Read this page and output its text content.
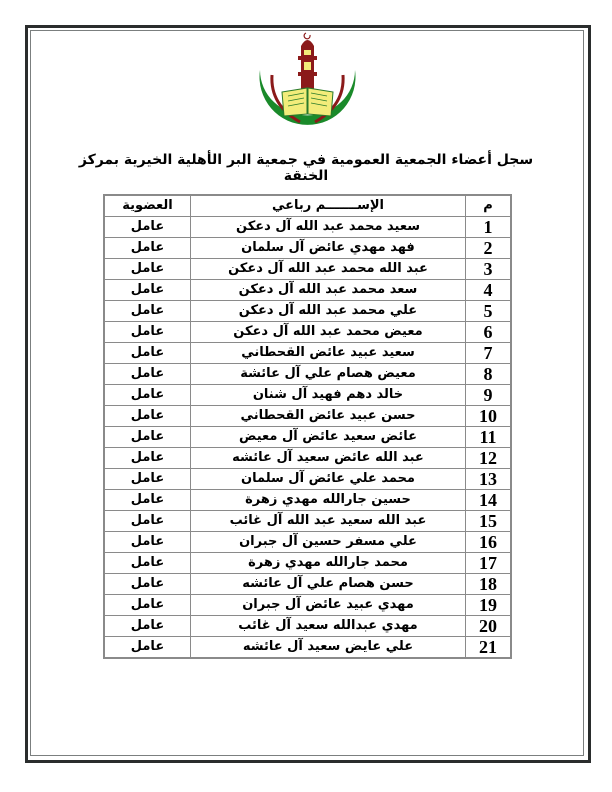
سجل أعضاء الجمعية العمومية في جمعية البر الأهلية الخيرية بمركز الخنقة
م	الإســـــــم رباعي	العضوية
1	سعيد محمد عبد الله آل دعكن	عامل
2	فهد مهدي عائض آل سلمان	عامل
3	عبد الله محمد عبد الله آل دعكن	عامل
4	سعد محمد عبد الله آل دعكن	عامل
5	علي محمد عبد الله آل دعكن	عامل
6	معيض محمد عبد الله آل دعكن	عامل
7	سعيد عبيد عائض القحطاني	عامل
8	معيض هصام علي آل عائشة	عامل
9	خالد دهم فهيد آل شنان	عامل
10	حسن عبيد عائض القحطاني	عامل
11	عائض سعيد عائض آل معيض	عامل
12	عبد الله عائض سعيد آل عائشه	عامل
13	محمد علي عائض آل سلمان	عامل
14	حسين جارالله مهدي زهرة	عامل
15	عبد الله سعيد عبد الله آل غائب	عامل
16	علي مسفر حسين آل جبران	عامل
17	محمد جارالله مهدي زهرة	عامل
18	حسن هصام علي آل عائشه	عامل
19	مهدي عبيد عائض آل جبران	عامل
20	مهدي عبدالله سعيد آل غائب	عامل
21	علي عايض سعيد آل عائشه	عامل
